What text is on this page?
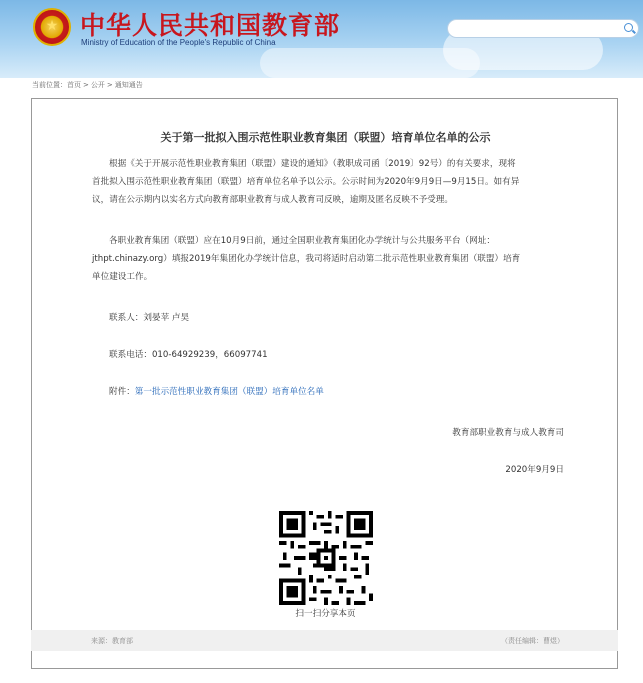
★ 中华人民共和国教育部
Ministry of Education of the People's Republic of China
当前位置：首页 > 公开 > 通知通告
关于第一批拟入围示范性职业教育集团（联盟）培育单位名单的公示
根据《关于开展示范性职业教育集团（联盟）建设的通知》（教职成司函〔2019〕92号）的有关要求，现将
首批拟入围示范性职业教育集团（联盟）培育单位名单予以公示。公示时间为2020年9月9日—9月15日。如有异
议，请在公示期内以实名方式向教育部职业教育与成人教育司反映，逾期及匿名反映不予受理。
各职业教育集团（联盟）应在10月9日前，通过全国职业教育集团化办学统计与公共服务平台（网址：
jthpt.chinazy.org）填报2019年集团化办学统计信息，我司将适时启动第二批示范性职业教育集团（联盟）培育
单位建设工作。
联系人：刘晏苹 卢昊
联系电话：010-64929239，66097741
附件：第一批示范性职业教育集团（联盟）培育单位名单
教育部职业教育与成人教育司
2020年9月9日
扫一扫分享本页
来源：教育部	（责任编辑：曹煜）
